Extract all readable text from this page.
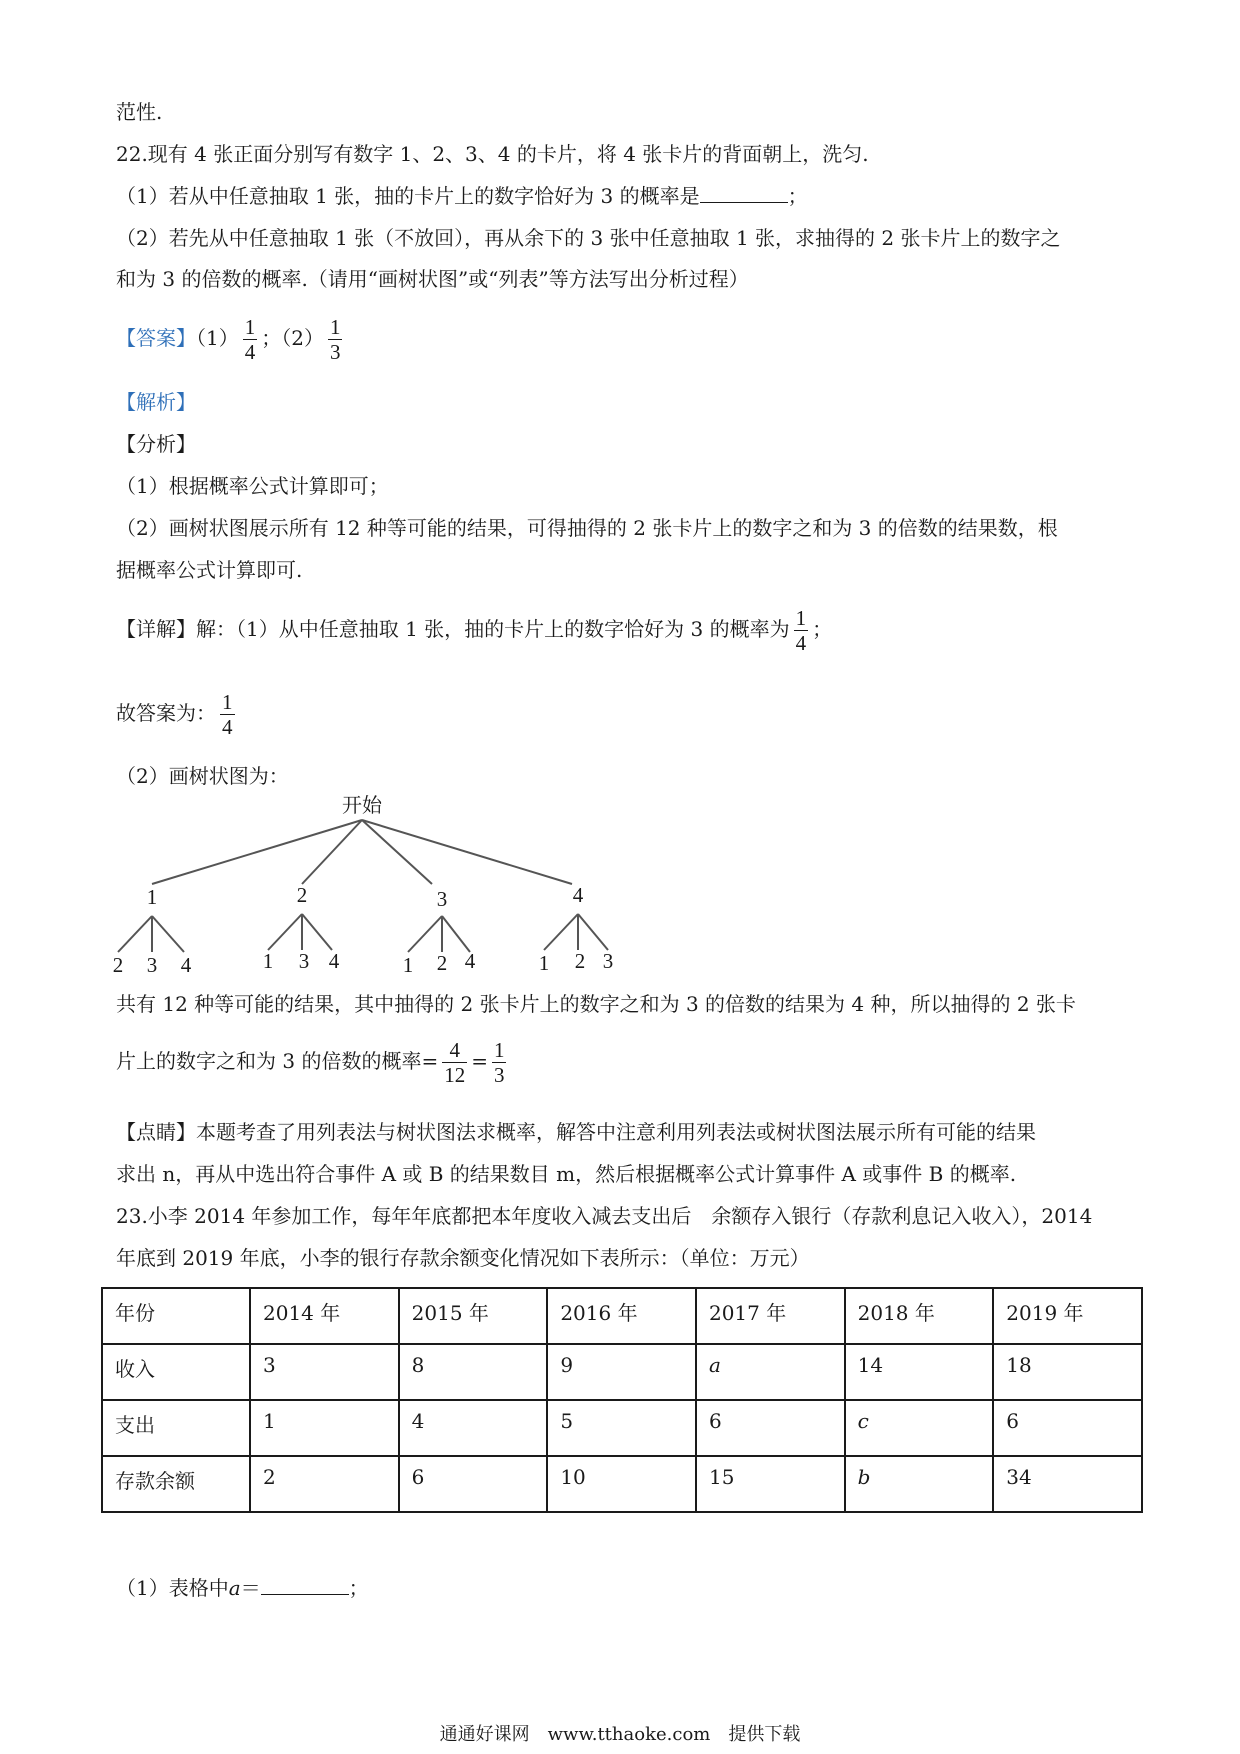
范性.
22.现有 4 张正面分别写有数字 1、2、3、4 的卡片，将 4 张卡片的背面朝上，洗匀.
（1）若从中任意抽取 1 张，抽的卡片上的数字恰好为 3 的概率是	；
（2）若先从中任意抽取 1 张（不放回），再从余下的 3 张中任意抽取 1 张，求抽得的 2 张卡片上的数字之
和为 3 的倍数的概率.（请用“画树状图”或“列表”等方法写出分析过程）
【答案】$(1) \frac{1}{4}$ ；$(2) \frac{1}{3}$
【解析】
【分析】
（1）根据概率公式计算即可；
（2）画树状图展示所有 12 种等可能的结果，可得抽得的 2 张卡片上的数字之和为 3 的倍数的结果数，根
据概率公式计算即可.
【详解】解：（1）从中任意抽取 1 张，抽的卡片上的数字恰好为 3 的概率为 $\frac{1}{4}$ ；
故答案为： $\frac{1}{4}$
（2）画树状图为：
开始
1	2	3	4
2 3 4	1 3 4	1 2 4	1 2 3
共有 12 种等可能的结果，其中抽得的 2 张卡片上的数字之和为 3 的倍数的结果为 4 种，所以抽得的 2 张卡
片上的数字之和为 3 的倍数的概率= $\frac{4}{12} = \frac{1}{3}$
【点睛】本题考查了用列表法与树状图法求概率，解答中注意利用列表法或树状图法展示所有可能的结果
求出 n，再从中选出符合事件 A 或 B 的结果数目 m，然后根据概率公式计算事件 A 或事件 B 的概率.
23.小李 2014 年参加工作，每年年底都把本年度收入减去支出后　余额存入银行（存款利息记入收入），2014
年底到 2019 年底，小李的银行存款余额变化情况如下表所示：（单位：万元）
年份	2014 年	2015 年	2016 年	2017 年	2018 年	2019 年
收入	3	8	9	a	14	18
支出	1	4	5	6	c	6
存款余额	2	6	10	15	b	34
（1）表格中a＝	；
通通好课网　www.tthaoke.com　提供下载
